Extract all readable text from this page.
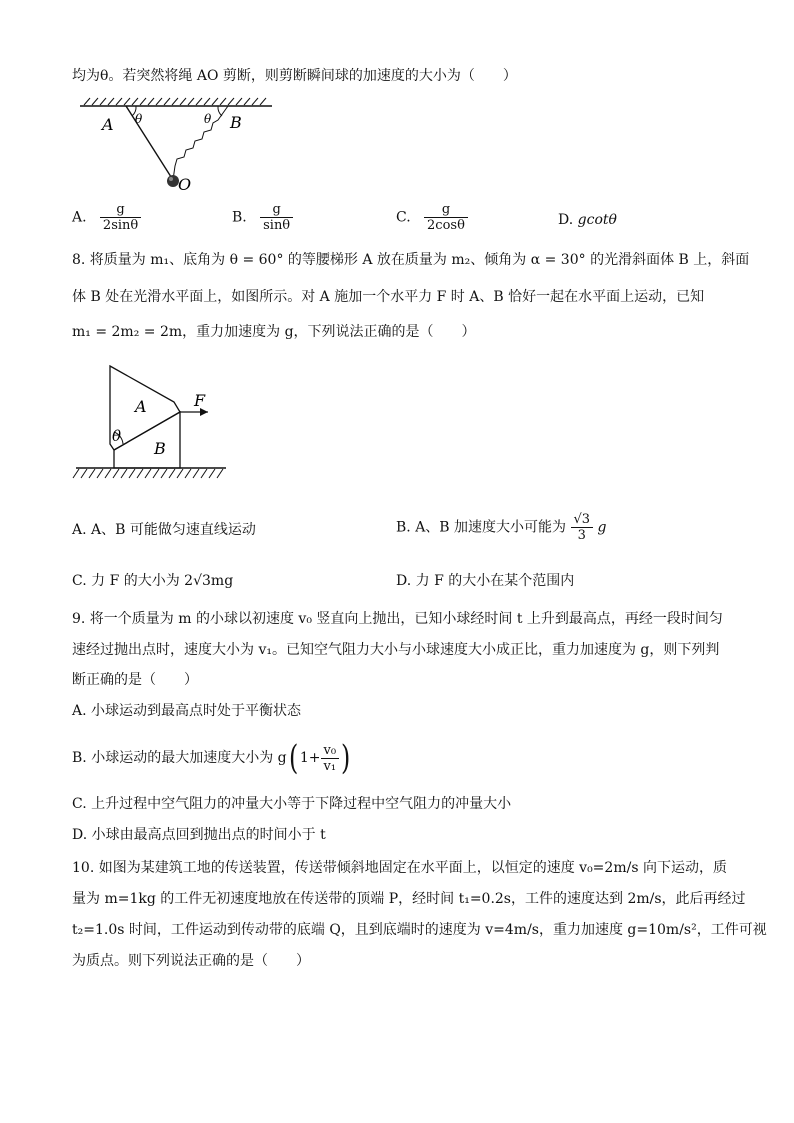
均为θ。若突然将绳 AO 剪断，则剪断瞬间球的加速度的大小为（　　）
A θ	θ B
O
A. $\frac{g}{2\sin\theta}$	B. $\frac{g}{\sin\theta}$	C. $\frac{g}{2\cos\theta}$	D. gcotθ
8. 将质量为 m₁、底角为 θ = 60° 的等腰梯形 A 放在质量为 m₂、倾角为 α = 30° 的光滑斜面体 B 上，斜面
体 B 处在光滑水平面上，如图所示。对 A 施加一个水平力 F 时 A、B 恰好一起在水平面上运动，已知
m₁ = 2m₂ = 2m，重力加速度为 g，下列说法正确的是（　　）
A
B
F
θ
A. A、B 可能做匀速直线运动	B. A、B 加速度大小可能为 $\frac{√3}{3}$ g
C. 力 F 的大小为 2√3mg	D. 力 F 的大小在某个范围内
9. 将一个质量为 m 的小球以初速度 v₀ 竖直向上抛出，已知小球经时间 t 上升到最高点，再经一段时间匀
速经过抛出点时，速度大小为 v₁。已知空气阻力大小与小球速度大小成正比，重力加速度为 g，则下列判
断正确的是（　　）
A. 小球运动到最高点时处于平衡状态
B. 小球运动的最大加速度大小为 g( $1+ \frac{\text{v₀}}{\text{v₁}}$ )
C. 上升过程中空气阻力的冲量大小等于下降过程中空气阻力的冲量大小
D. 小球由最高点回到抛出点的时间小于 t
10. 如图为某建筑工地的传送装置，传送带倾斜地固定在水平面上，以恒定的速度 v₀=2m/s 向下运动，质
量为 m=1kg 的工件无初速度地放在传送带的顶端 P，经时间 t₁=0.2s，工件的速度达到 2m/s，此后再经过
t₂=1.0s 时间，工件运动到传动带的底端 Q，且到底端时的速度为 v=4m/s，重力加速度 g=10m/s²，工件可视
为质点。则下列说法正确的是（　　）
